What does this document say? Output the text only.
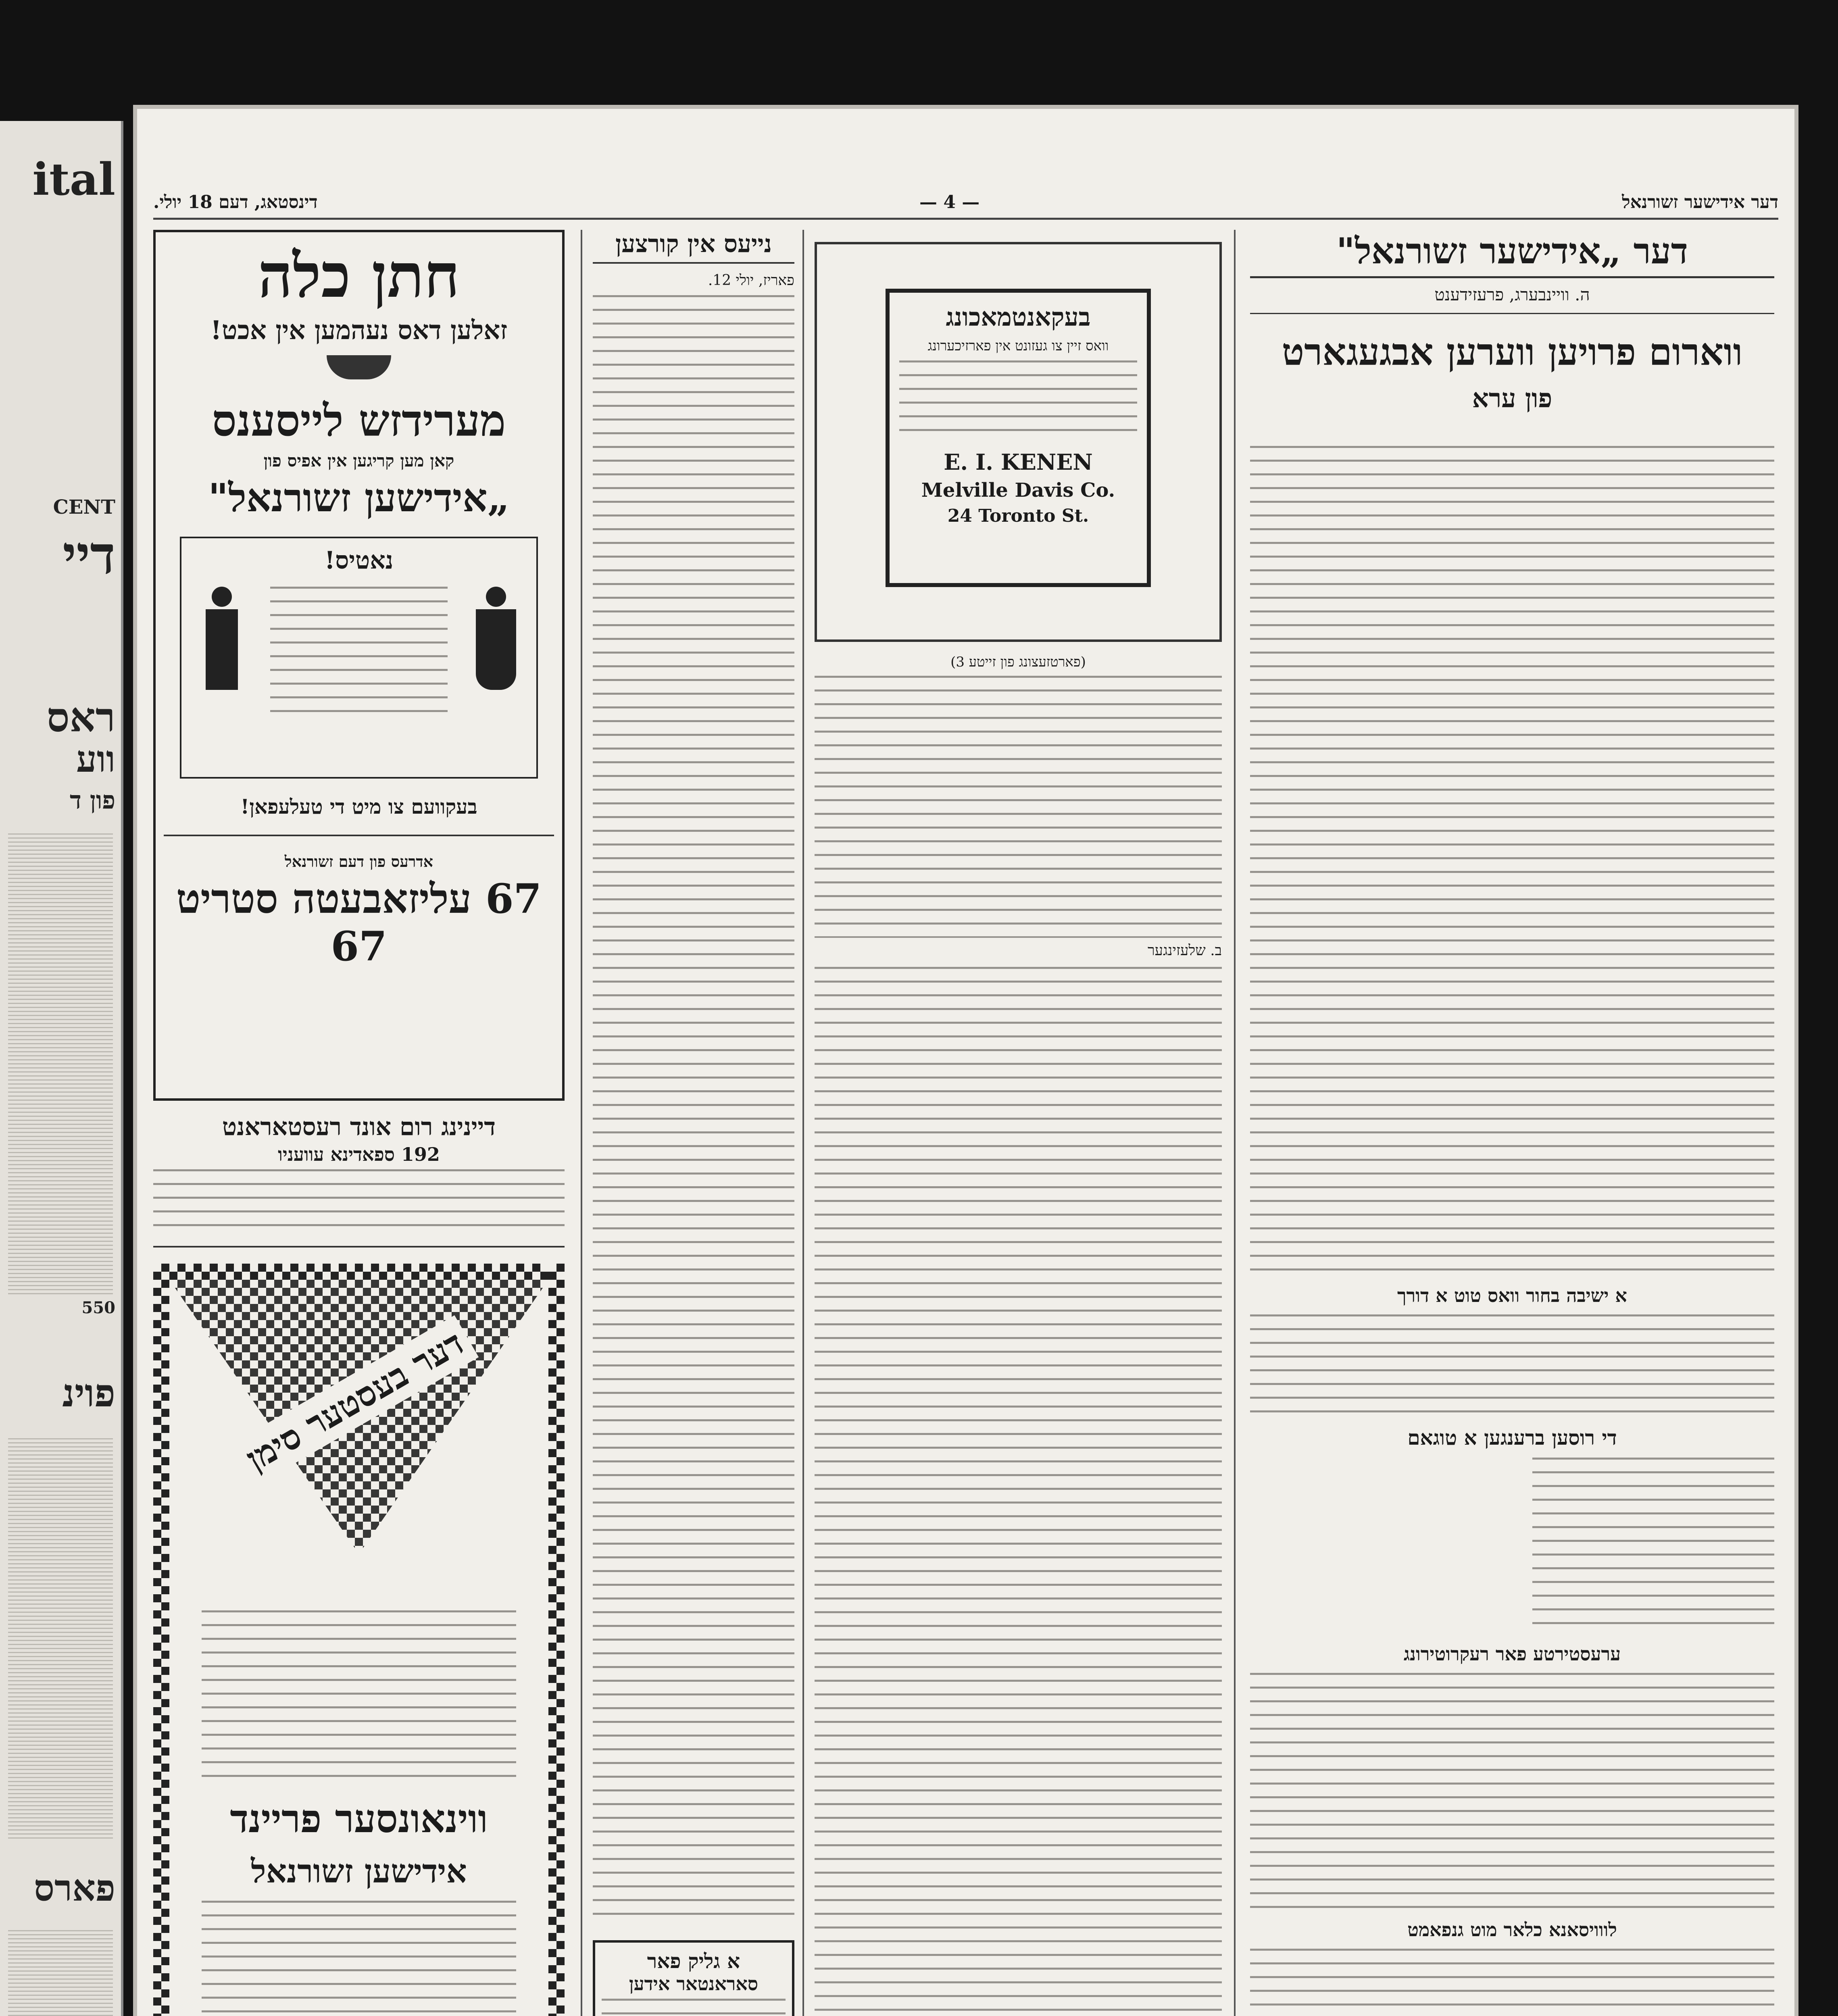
ital
CENT
דיי
ראס
ווע
פון ד
550
פוינ
פארס
דער אידישער זשורנאל
— 4 —
דינסטאג, דעם 18 יולי.
דער „אידישער זשורנאל"
ה. וויינבערג, פרעזידענט
ווארום פרויען ווערען אבגעגארט
פון ערא
א ישיבה בחור וואס טוט א דורך
די רוסען ברענגען א טוגאם
ערעסטירטע פאר רעקרוטירונג
לווויסאנא כלאר מוט גנפאמט
בעקאנטמאכונג
וואס זיין צו געזונט אין פארזיכערונג
E. I. KENEN
Melville Davis Co.
24 Toronto St.
(פארטזעצונג פון זייטע 3)
ב. שלעזינגער
נייעס אין קורצען
פאריז, יולי 12.
א גליק פאר
סאראנטאר אידען
חתן כלה
זאלען דאס נעהמען אין אכט!
מערידזש לייסענס
קאן מען קריגען אין אפיס פון
„אידישען זשורנאל"
נאטיס!
בעקוועם צו מיט די טעלעפאן!
אדרעס פון דעם זשורנאל
67 עליזאבעטה סטריט 67
דיינינג רום אונד רעסטאראנט
192 ספאדינא עוועניו
דער בעסטער סימן
ווינאונסער פריינד
אידישען זשורנאל
